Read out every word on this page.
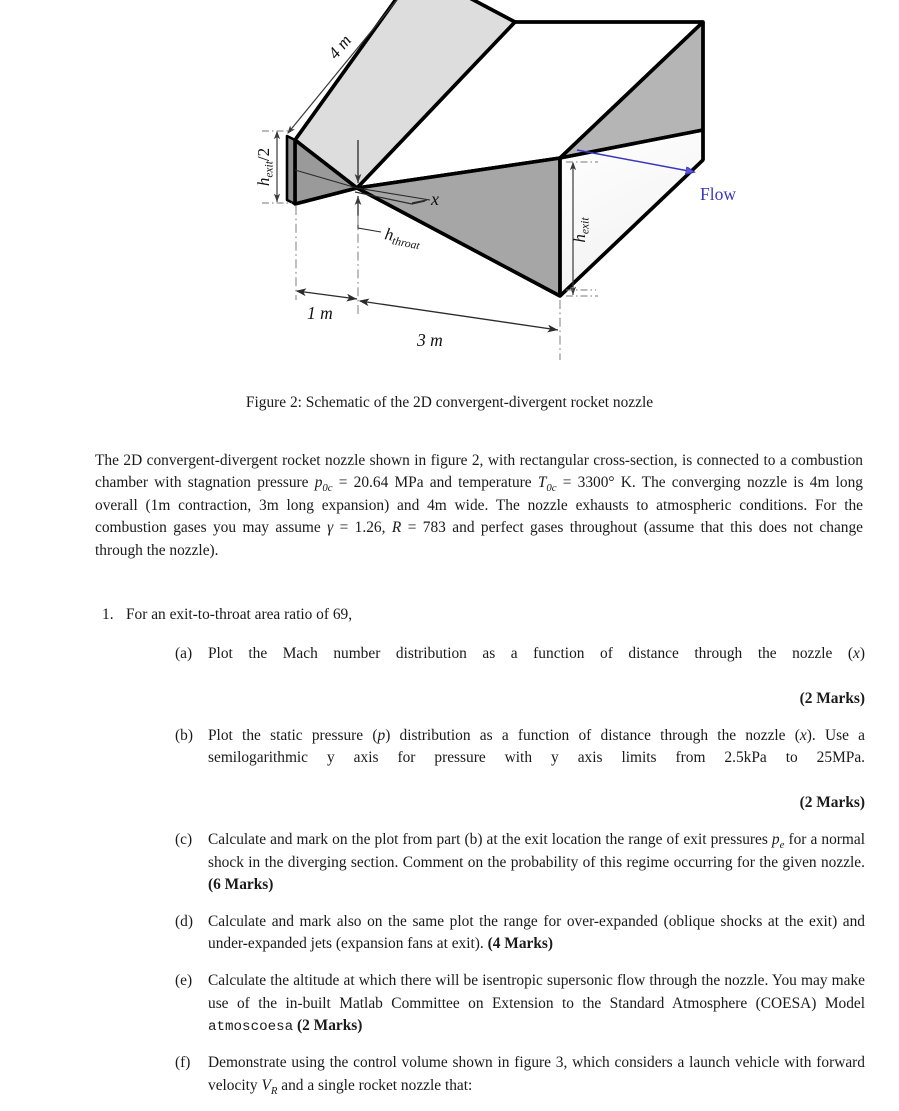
4 m
$h_{exit}/2$
$h_{throat}$	$h_{exit}$
x	Flow
1 m
3 m
Figure 2: Schematic of the 2D convergent-divergent rocket nozzle
The 2D convergent-divergent rocket nozzle shown in figure 2, with rectangular cross-section, is connected to a combustion chamber with stagnation pressure $p_{0c} = 20.64$ MPa and temperature $T_{0c} = 3300^\circ$ K. The converging nozzle is 4m long overall (1m contraction, 3m long expansion) and 4m wide. The nozzle exhausts to atmospheric conditions. For the combustion gases you may assume γ = 1.26, R = 783 and perfect gases throughout (assume that this does not change through the nozzle).
1. For an exit-to-throat area ratio of 69,
(a) Plot the Mach number distribution as a function of distance through the nozzle (x)
(2 Marks)
(b) Plot the static pressure (p) distribution as a function of distance through the nozzle (x). Use a semilogarithmic y axis for pressure with y axis limits from 2.5kPa to 25MPa.
(2 Marks)
(c) Calculate and mark on the plot from part (b) at the exit location the range of exit pressures $p_e$ for a normal shock in the diverging section. Comment on the probability of this regime occurring for the given nozzle. (6 Marks)
(d) Calculate and mark also on the same plot the range for over-expanded (oblique shocks at the exit) and under-expanded jets (expansion fans at exit). (4 Marks)
(e) Calculate the altitude at which there will be isentropic supersonic flow through the nozzle. You may make use of the in-built Matlab Committee on Extension to the Standard Atmosphere (COESA) Model atmoscoesa (2 Marks)
(f) Demonstrate using the control volume shown in figure 3, which considers a launch vehicle with forward velocity $V_R$ and a single rocket nozzle that:
